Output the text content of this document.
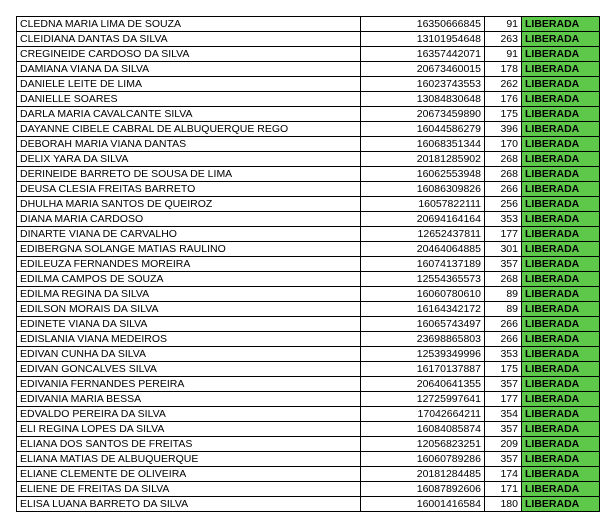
CLEDNA MARIA LIMA DE SOUZA	16350666845	91	LIBERADA
CLEIDIANA DANTAS DA SILVA	13101954648	263	LIBERADA
CREGINEIDE CARDOSO DA SILVA	16357442071	91	LIBERADA
DAMIANA VIANA DA SILVA	20673460015	178	LIBERADA
DANIELE LEITE DE LIMA	16023743553	262	LIBERADA
DANIELLE SOARES	13084830648	176	LIBERADA
DARLA MARIA CAVALCANTE SILVA	20673459890	175	LIBERADA
DAYANNE CIBELE CABRAL DE ALBUQUERQUE REGO	16044586279	396	LIBERADA
DEBORAH MARIA VIANA DANTAS	16068351344	170	LIBERADA
DELIX YARA DA SILVA	20181285902	268	LIBERADA
DERINEIDE BARRETO DE SOUSA DE LIMA	16062553948	268	LIBERADA
DEUSA CLESIA FREITAS BARRETO	16086309826	266	LIBERADA
DHULHA MARIA SANTOS DE QUEIROZ	16057822111	256	LIBERADA
DIANA MARIA CARDOSO	20694164164	353	LIBERADA
DINARTE VIANA DE CARVALHO	12652437811	177	LIBERADA
EDIBERGNA SOLANGE MATIAS RAULINO	20464064885	301	LIBERADA
EDILEUZA FERNANDES MOREIRA	16074137189	357	LIBERADA
EDILMA CAMPOS DE SOUZA	12554365573	268	LIBERADA
EDILMA REGINA DA SILVA	16060780610	89	LIBERADA
EDILSON MORAIS DA SILVA	16164342172	89	LIBERADA
EDINETE VIANA DA SILVA	16065743497	266	LIBERADA
EDISLANIA VIANA MEDEIROS	23698865803	266	LIBERADA
EDIVAN CUNHA DA SILVA	12539349996	353	LIBERADA
EDIVAN GONCALVES SILVA	16170137887	175	LIBERADA
EDIVANIA FERNANDES PEREIRA	20640641355	357	LIBERADA
EDIVANIA MARIA BESSA	12725997641	177	LIBERADA
EDVALDO PEREIRA DA SILVA	17042664211	354	LIBERADA
ELI REGINA LOPES DA SILVA	16084085874	357	LIBERADA
ELIANA DOS SANTOS DE FREITAS	12056823251	209	LIBERADA
ELIANA MATIAS DE ALBUQUERQUE	16060789286	357	LIBERADA
ELIANE CLEMENTE DE OLIVEIRA	20181284485	174	LIBERADA
ELIENE DE FREITAS DA SILVA	16087892606	171	LIBERADA
ELISA LUANA BARRETO DA SILVA	16001416584	180	LIBERADA
